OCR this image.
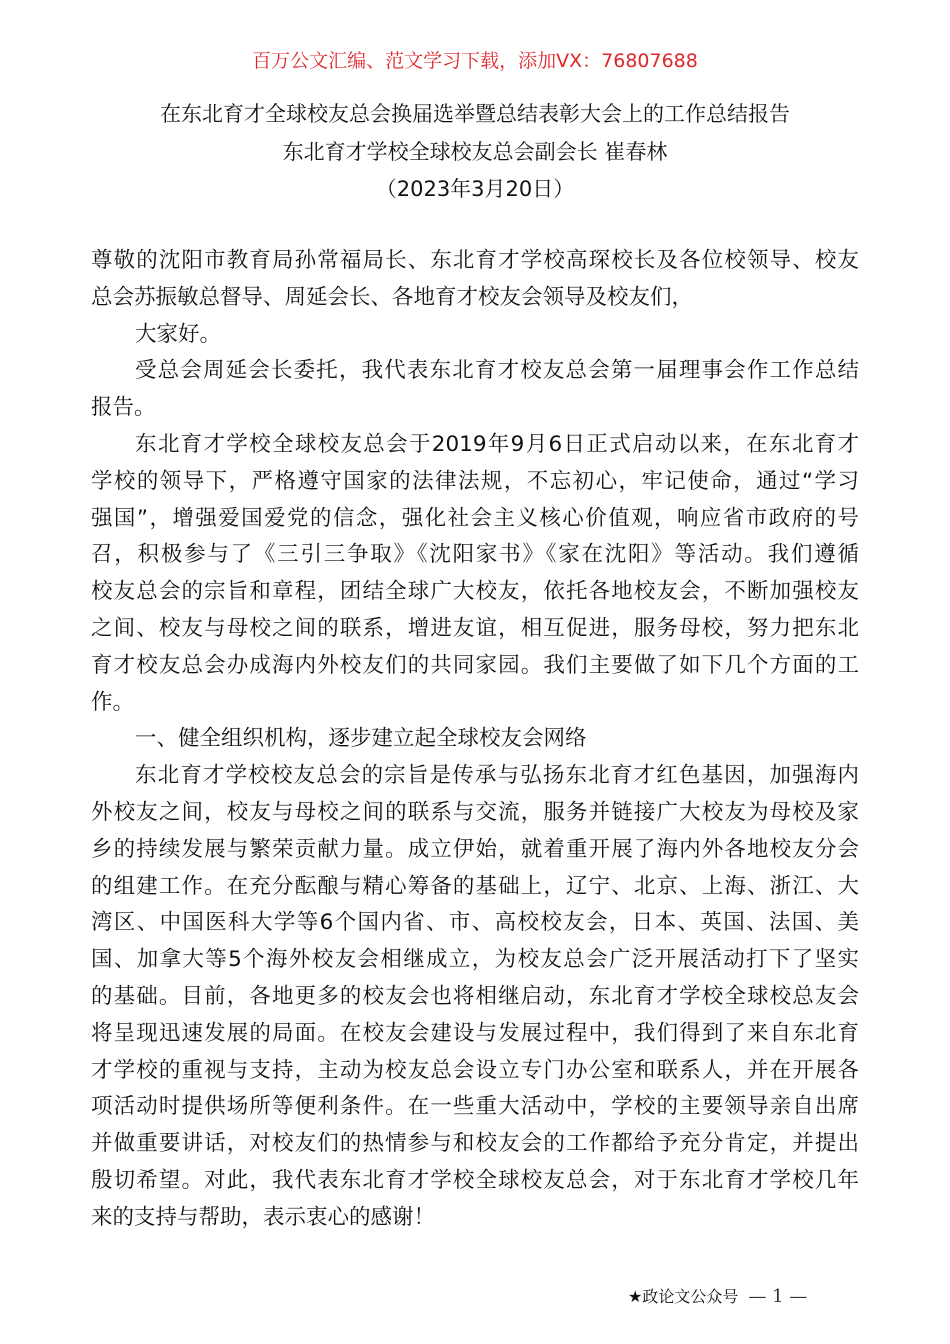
百万公文汇编、范文学习下载，添加VX：76807688
在东北育才全球校友总会换届选举暨总结表彰大会上的工作总结报告
东北育才学校全球校友总会副会长 崔春林
（2023年3月20日）
尊敬的沈阳市教育局孙常福局长、东北育才学校高琛校长及各位校领导、校友
总会苏振敏总督导、周延会长、各地育才校友会领导及校友们，
大家好。
受总会周延会长委托，我代表东北育才校友总会第一届理事会作工作总结
报告。
东北育才学校全球校友总会于2019年9月6日正式启动以来，在东北育才
学校的领导下，严格遵守国家的法律法规，不忘初心，牢记使命，通过“学习
强国”，增强爱国爱党的信念，强化社会主义核心价值观，响应省市政府的号
召，积极参与了《三引三争取》《沈阳家书》《家在沈阳》等活动。我们遵循
校友总会的宗旨和章程，团结全球广大校友，依托各地校友会，不断加强校友
之间、校友与母校之间的联系，增进友谊，相互促进，服务母校，努力把东北
育才校友总会办成海内外校友们的共同家园。我们主要做了如下几个方面的工
作。
一、健全组织机构，逐步建立起全球校友会网络
东北育才学校校友总会的宗旨是传承与弘扬东北育才红色基因，加强海内
外校友之间，校友与母校之间的联系与交流，服务并链接广大校友为母校及家
乡的持续发展与繁荣贡献力量。成立伊始，就着重开展了海内外各地校友分会
的组建工作。在充分酝酿与精心筹备的基础上，辽宁、北京、上海、浙江、大
湾区、中国医科大学等6个国内省、市、高校校友会，日本、英国、法国、美
国、加拿大等5个海外校友会相继成立，为校友总会广泛开展活动打下了坚实
的基础。目前，各地更多的校友会也将相继启动，东北育才学校全球校总友会
将呈现迅速发展的局面。在校友会建设与发展过程中，我们得到了来自东北育
才学校的重视与支持，主动为校友总会设立专门办公室和联系人，并在开展各
项活动时提供场所等便利条件。在一些重大活动中，学校的主要领导亲自出席
并做重要讲话，对校友们的热情参与和校友会的工作都给予充分肯定，并提出
殷切希望。对此，我代表东北育才学校全球校友总会，对于东北育才学校几年
来的支持与帮助，表示衷心的感谢！
★政论文公众号 — 1 —
